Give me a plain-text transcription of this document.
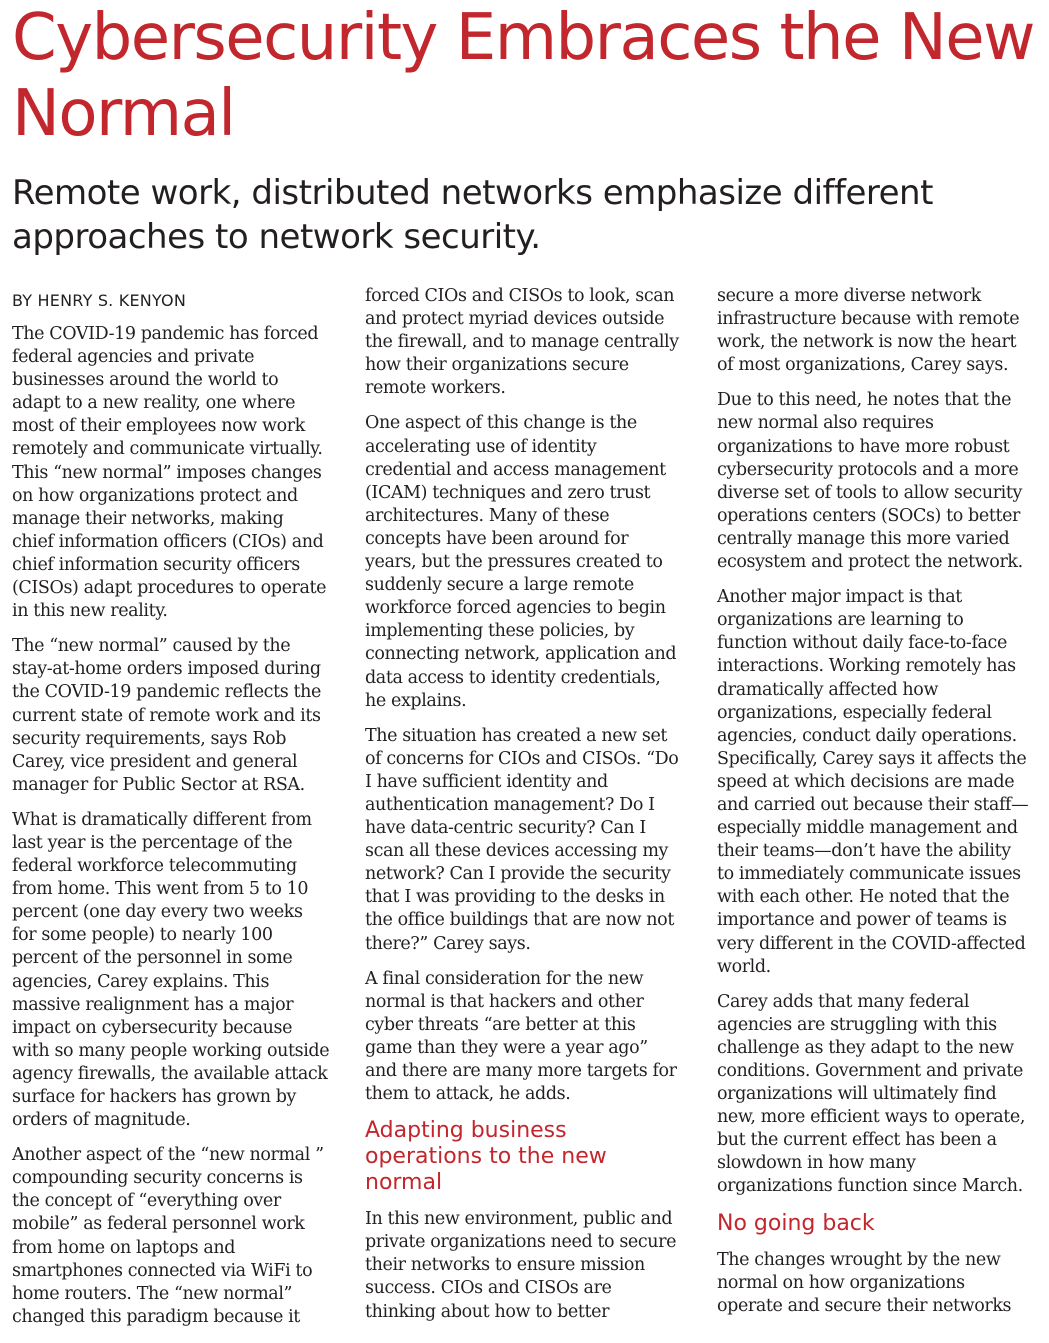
Cybersecurity Embraces the New Normal
Remote work, distributed networks emphasize different approaches to network security.
BY HENRY S. KENYON

The COVID-19 pandemic has forced federal agencies and private businesses around the world to adapt to a new reality, one where most of their employees now work remotely and communicate virtually. This “new normal” imposes changes on how organizations protect and manage their networks, making chief information officers (CIOs) and chief information security officers (CISOs) adapt procedures to operate in this new reality.

The “new normal” caused by the stay-at-home orders imposed during the COVID-19 pandemic reflects the current state of remote work and its security requirements, says Rob Carey, vice president and general manager for Public Sector at RSA.

What is dramatically different from last year is the percentage of the federal workforce telecommuting from home. This went from 5 to 10 percent (one day every two weeks for some people) to nearly 100 percent of the personnel in some agencies, Carey explains. This massive realignment has a major impact on cybersecurity because with so many people working outside agency firewalls, the available attack surface for hackers has grown by orders of magnitude.

Another aspect of the “new normal ” compounding security concerns is the concept of “everything over mobile” as federal personnel work from home on laptops and smartphones connected via WiFi to home routers. The “new normal” changed this paradigm because it

forced CIOs and CISOs to look, scan and protect myriad devices outside the firewall, and to manage centrally how their organizations secure remote workers.

One aspect of this change is the accelerating use of identity credential and access management (ICAM) techniques and zero trust architectures. Many of these concepts have been around for years, but the pressures created to suddenly secure a large remote workforce forced agencies to begin implementing these policies, by connecting network, application and data access to identity credentials, he explains.

The situation has created a new set of concerns for CIOs and CISOs. “Do I have sufficient identity and authentication management? Do I have data-centric security? Can I scan all these devices accessing my network? Can I provide the security that I was providing to the desks in the office buildings that are now not there?” Carey says.

A final consideration for the new normal is that hackers and other cyber threats “are better at this game than they were a year ago” and there are many more targets for them to attack, he adds.

Adapting business operations to the new normal

In this new environment, public and private organizations need to secure their networks to ensure mission success. CIOs and CISOs are thinking about how to better

secure a more diverse network infrastructure because with remote work, the network is now the heart of most organizations, Carey says.

Due to this need, he notes that the new normal also requires organizations to have more robust cybersecurity protocols and a more diverse set of tools to allow security operations centers (SOCs) to better centrally manage this more varied ecosystem and protect the network.

Another major impact is that organizations are learning to function without daily face-to-face interactions. Working remotely has dramatically affected how organizations, especially federal agencies, conduct daily operations. Specifically, Carey says it affects the speed at which decisions are made and carried out because their staff—especially middle management and their teams—don’t have the ability to immediately communicate issues with each other. He noted that the importance and power of teams is very different in the COVID-affected world.

Carey adds that many federal agencies are struggling with this challenge as they adapt to the new conditions. Government and private organizations will ultimately find new, more efficient ways to operate, but the current effect has been a slowdown in how many organizations function since March.

No going back

The changes wrought by the new normal on how organizations operate and secure their networks
